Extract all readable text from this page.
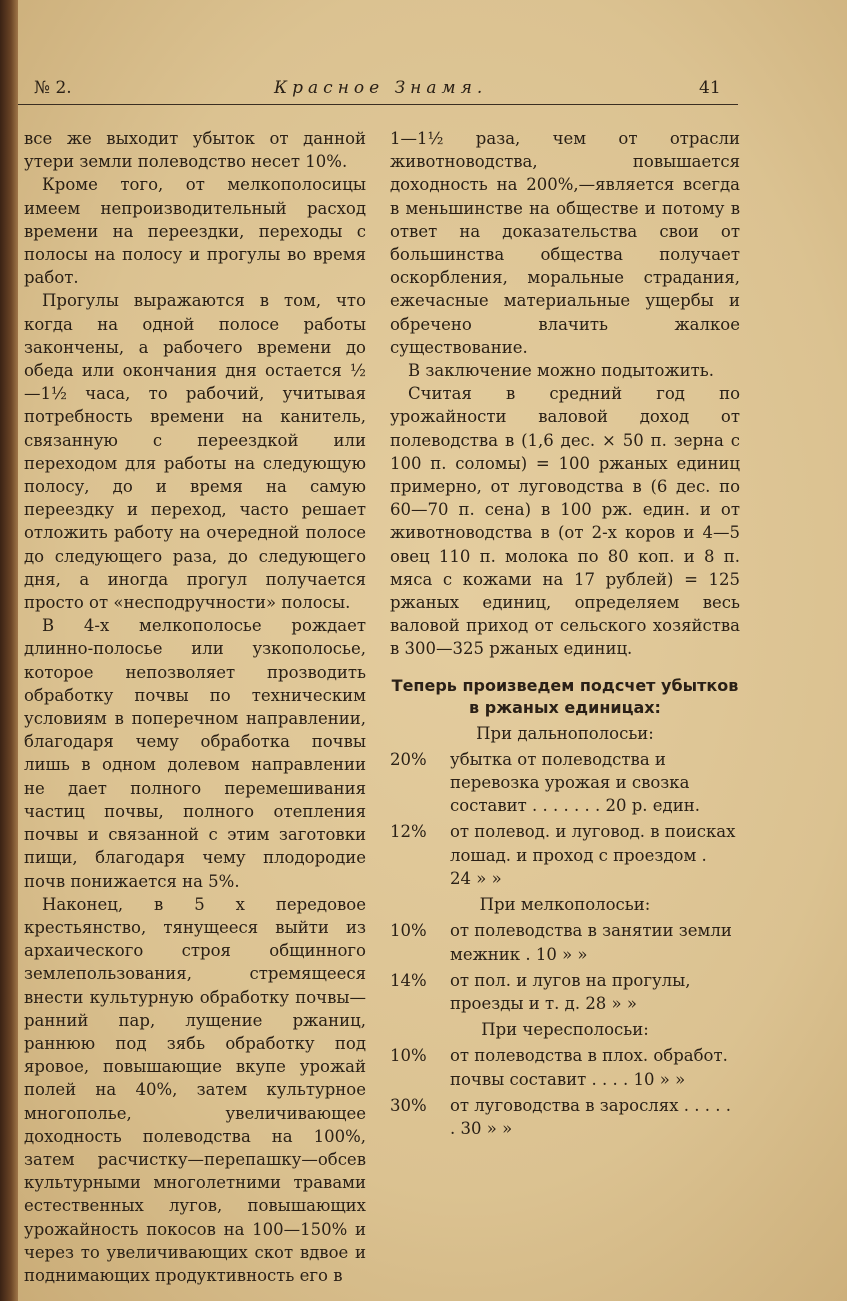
№ 2.	Красное Знамя.	41

все же выходит убыток от данной утери земли полеводство несет 10%.

Кроме того, от мелкополосицы имеем непроизводительный расход времени на переездки, переходы с полосы на полосу и прогулы во время работ.

Прогулы выражаются в том, что когда на одной полосе работы закончены, а рабочего времени до обеда или окончания дня остается ½—1½ часа, то рабочий, учитывая потребность времени на канитель, связанную с переездкой или переходом для работы на следующую полосу, до и время на самую переездку и переход, часто решает отложить работу на очередной полосе до следующего раза, до следующего дня, а иногда прогул получается просто от «несподручности» полосы.

В 4-х мелкополосье рождает длинно-полосье или узкополосье, которое непозволяет прозводить обработку почвы по техническим условиям в поперечном направлении, благодаря чему обработка почвы лишь в одном долевом направлении не дает полного перемешивания частиц почвы, полного отепления почвы и связанной с этим заготовки пищи, благодаря чему плодородие почв понижается на 5%.

Наконец, в 5 х передовое крестьянство, тянущееся выйти из архаического строя общинного землепользования, стремящееся внести культурную обработку почвы—ранний пар, лущение ржаниц, раннюю под зябь обработку под яровое, повышающие вкупе урожай полей на 40%, затем культурное многополье, увеличивающее доходность полеводства на 100%, затем расчистку—перепашку—обсев культурными многолетними травами естественных лугов, повышающих урожайность покосов на 100—150% и через то увеличивающих скот вдвое и поднимающих продуктивность его в

1—1½ раза, чем от отрасли животноводства, повышается доходность на 200%,—является всегда в меньшинстве на обществе и потому в ответ на доказательства свои от большинства общества получает оскорбления, моральные страдания, ежечасные материальные ущербы и обречено влачить жалкое существование.

В заключение можно подытожить.

Считая в средний год по урожайности валовой доход от полеводства в (1,6 дес. × 50 п. зерна с 100 п. соломы) = 100 ржаных единиц примерно, от луговодства в (6 дес. по 60—70 п. сена) в 100 рж. един. и от животноводства в (от 2-х коров и 4—5 овец 110 п. молока по 80 коп. и 8 п. мяса с кожами на 17 рублей) = 125 ржаных единиц, определяем весь валовой приход от сельского хозяйства в 300—325 ржаных единиц.

Теперь произведем подсчет убытков в ржаных единицах:
При дальнополосьи:
20%	убытка от полеводства и перевозка урожая и свозка составит . . . . . . . 20 р. един.
12%	от полевод. и луговод. в поисках лошад. и проход с проездом . 24 » »
При мелкополосьи:
10%	от полеводства в занятии земли межник . 10 » »
14%	от пол. и лугов на прогулы, проезды и т. д. 28 » »
При чересполосьи:
10%	от полеводства в плох. обработ. почвы составит . . . . 10 » »
30%	от луговодства в зарослях . . . . . . 30 » »
